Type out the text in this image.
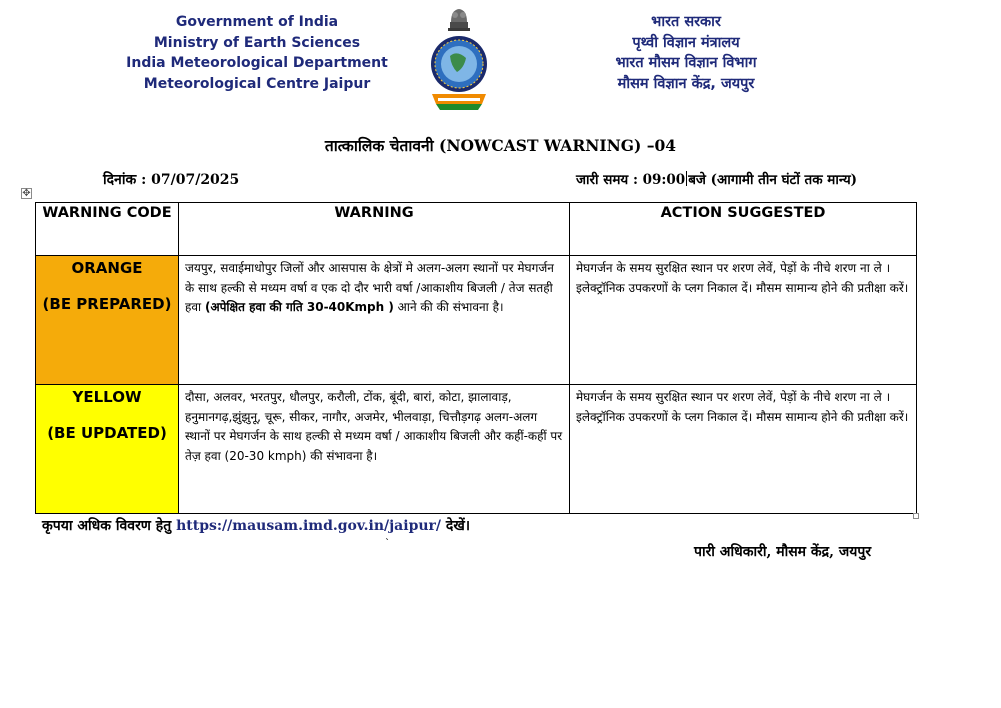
Government of India
Ministry of Earth Sciences
India Meteorological Department
Meteorological Centre Jaipur
भारत सरकार
पृथ्वी विज्ञान मंत्रालय
भारत मौसम विज्ञान विभाग
मौसम विज्ञान केंद्र, जयपुर
तात्कालिक चेतावनी (NOWCAST WARNING) –04
दिनांक : 07/07/2025	जारी समय : 09:00 बजे (आगामी तीन घंटों तक मान्य)
✥
WARNING CODE	WARNING	ACTION SUGGESTED

ORANGE
(BE PREPARED)	जयपुर, सवाईमाधोपुर जिलों और आसपास के क्षेत्रों मे अलग-अलग स्थानों पर मेघगर्जन के साथ हल्की से मध्यम वर्षा व एक दो दौर भारी वर्षा /आकाशीय बिजली / तेज सतही हवा (अपेक्षित हवा की गति 30-40Kmph ) आने की की संभावना है।	मेघगर्जन के समय सुरक्षित स्थान पर शरण लेवें, पेड़ों के नीचे शरण ना ले । इलेक्ट्रॉनिक उपकरणों के प्लग निकाल दें। मौसम सामान्य होने की प्रतीक्षा करें।

YELLOW
(BE UPDATED)	दौसा, अलवर, भरतपुर, धौलपुर, करौली, टोंक, बूंदी, बारां, कोटा, झालावाड़, हनुमानगढ़,झुंझुनू, चूरू, सीकर, नागौर, अजमेर, भीलवाड़ा, चित्तौड़गढ़ अलग-अलग स्थानों पर मेघगर्जन के साथ हल्की से मध्यम वर्षा / आकाशीय बिजली और कहीं-कहीं पर तेज़ हवा (20-30 kmph) की संभावना है।	मेघगर्जन के समय सुरक्षित स्थान पर शरण लेवें, पेड़ों के नीचे शरण ना ले । इलेक्ट्रॉनिक उपकरणों के प्लग निकाल दें। मौसम सामान्य होने की प्रतीक्षा करें।
कृपया अधिक विवरण हेतु https://mausam.imd.gov.in/jaipur/ देखें।
`
पारी अधिकारी, मौसम केंद्र, जयपुर
